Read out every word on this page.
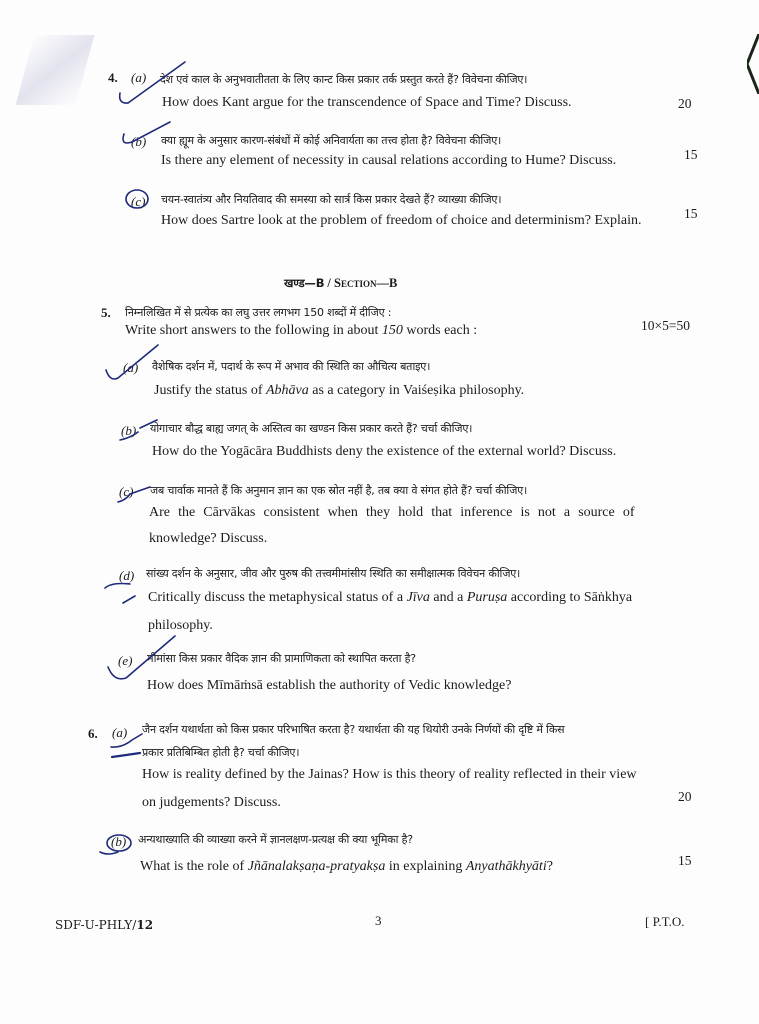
4. (a) देश एवं काल के अनुभवातीतता के लिए कान्ट किस प्रकार तर्क प्रस्तुत करते हैं? विवेचना कीजिए।
How does Kant argue for the transcendence of Space and Time? Discuss.	20
(b) क्या ह्यूम के अनुसार कारण-संबंधों में कोई अनिवार्यता का तत्त्व होता है? विवेचना कीजिए।
Is there any element of necessity in causal relations according to Hume? Discuss.	15
(c) चयन-स्वातंत्र्य और नियतिवाद की समस्या को सार्त्र किस प्रकार देखते हैं? व्याख्या कीजिए।
How does Sartre look at the problem of freedom of choice and determinism? Explain.	15
खण्ड—B / Section—B
5. निम्नलिखित में से प्रत्येक का लघु उत्तर लगभग 150 शब्दों में दीजिए :
Write short answers to the following in about 150 words each :	10×5=50
(a) वैशेषिक दर्शन में, पदार्थ के रूप में अभाव की स्थिति का औचित्य बताइए।
Justify the status of Abhāva as a category in Vaiśeṣika philosophy.
(b) योगाचार बौद्ध बाह्य जगत् के अस्तित्व का खण्डन किस प्रकार करते हैं? चर्चा कीजिए।
How do the Yogācāra Buddhists deny the existence of the external world? Discuss.
(c) जब चार्वाक मानते हैं कि अनुमान ज्ञान का एक स्रोत नहीं है, तब क्या वे संगत होते हैं? चर्चा कीजिए।
Are the Cārvākas consistent when they hold that inference is not a source of
knowledge? Discuss.
(d) सांख्य दर्शन के अनुसार, जीव और पुरुष की तत्त्वमीमांसीय स्थिति का समीक्षात्मक विवेचन कीजिए।
Critically discuss the metaphysical status of a Jīva and a Puruṣa according to Sāṅkhya
philosophy.
(e) मीमांसा किस प्रकार वैदिक ज्ञान की प्रामाणिकता को स्थापित करता है?
How does Mīmāṁsā establish the authority of Vedic knowledge?
6. (a) जैन दर्शन यथार्थता को किस प्रकार परिभाषित करता है? यथार्थता की यह थियोरी उनके निर्णयों की दृष्टि में किस
प्रकार प्रतिबिम्बित होती है? चर्चा कीजिए।
How is reality defined by the Jainas? How is this theory of reality reflected in their view
on judgements? Discuss.	20
(b) अन्यथाख्याति की व्याख्या करने में ज्ञानलक्षण-प्रत्यक्ष की क्या भूमिका है?
What is the role of Jñānalakṣaṇa-pratyakṣa in explaining Anyathākhyāti?	15
SDF-U-PHLY/12	3	[ P.T.O.
